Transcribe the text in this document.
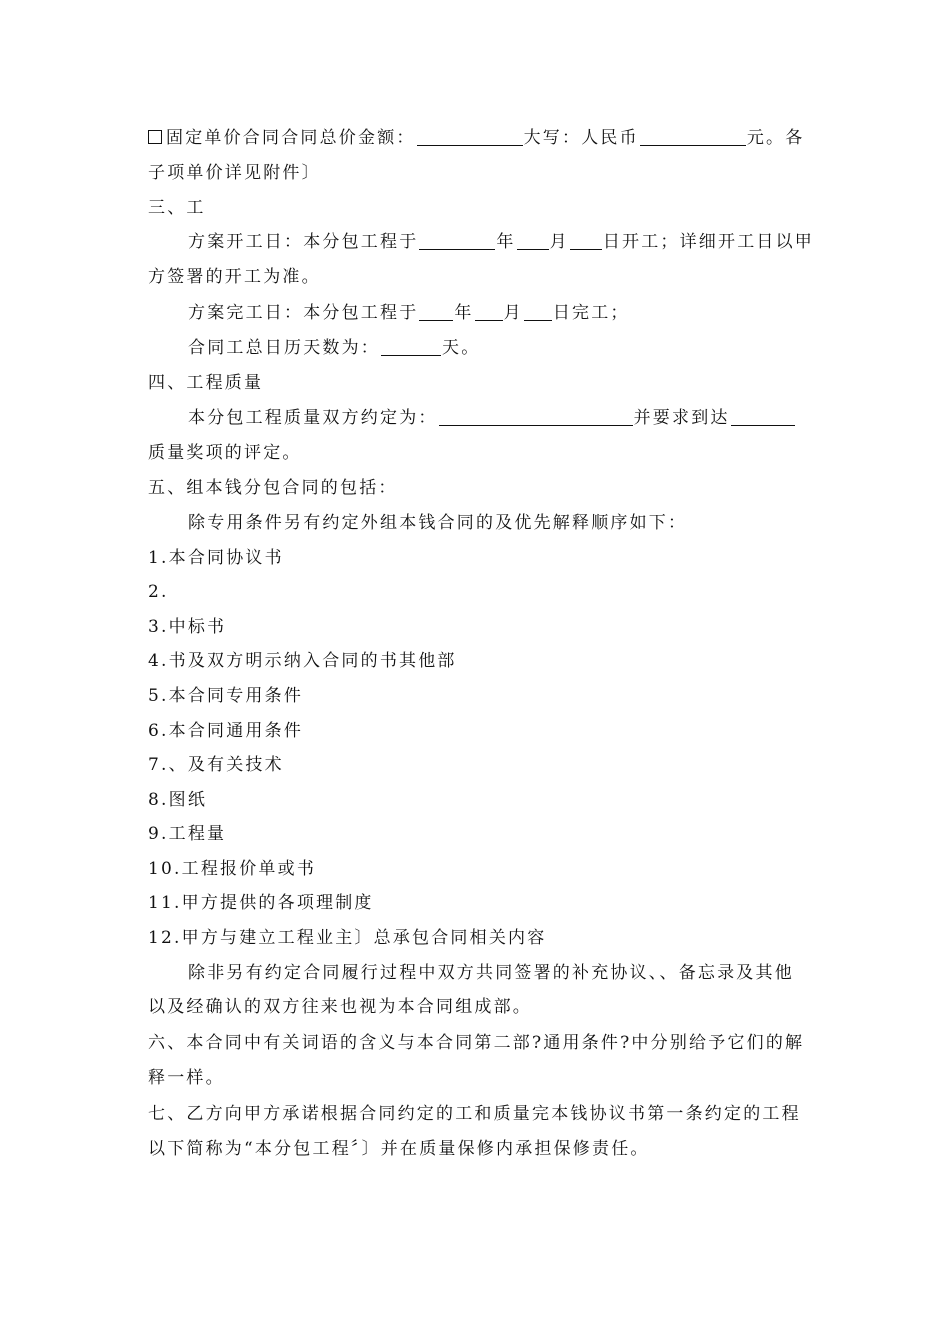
固定单价合同合同总价金额：	大写：人民币	元。各
子项单价详见附件〕
三、工
方案开工日：本分包工程于	年 月 日开工；详细开工日以甲
方签署的开工为准。
方案完工日：本分包工程于 年 月 日完工；
合同工总日历天数为：	天。
四、工程质量
本分包工程质量双方约定为：	并要求到达
质量奖项的评定。
五、组本钱分包合同的包括：
除专用条件另有约定外组本钱合同的及优先解释顺序如下：
1.本合同协议书
2.
3.中标书
4.书及双方明示纳入合同的书其他部
5.本合同专用条件
6.本合同通用条件
7.、及有关技术
8.图纸
9.工程量
10.工程报价单或书
11.甲方提供的各项理制度
12.甲方与建立工程业主〕总承包合同相关内容
除非另有约定合同履行过程中双方共同签署的补充协议、、备忘录及其他
以及经确认的双方往来也视为本合同组成部。
六、本合同中有关词语的含义与本合同第二部?通用条件?中分别给予它们的解
释一样。
七、乙方向甲方承诺根据合同约定的工和质量完本钱协议书第一条约定的工程
以下简称为“本分包工程〞〕并在质量保修内承担保修责任。
